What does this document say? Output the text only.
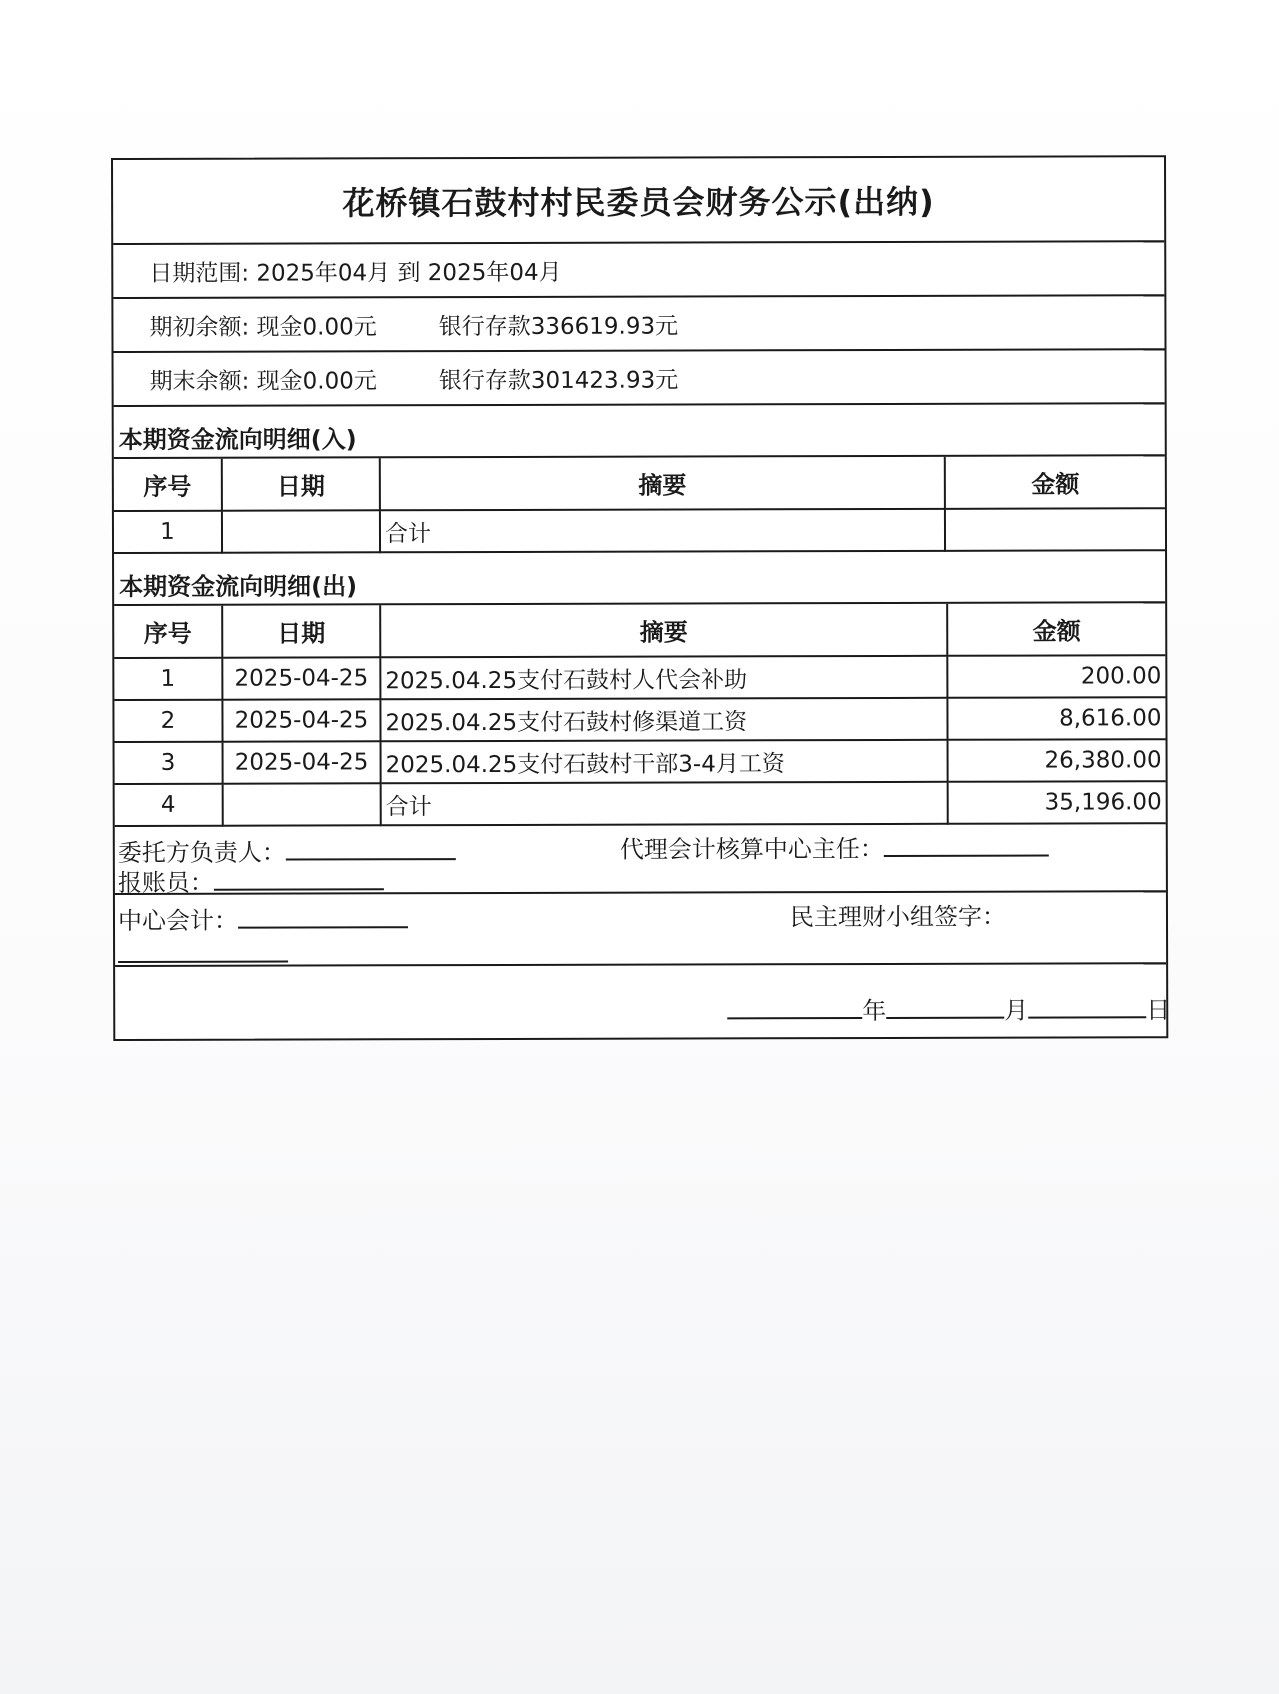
花桥镇石鼓村村民委员会财务公示(出纳)
日期范围: 2025年04月 到 2025年04月
期初余额: 现金0.00元	银行存款336619.93元
期末余额: 现金0.00元	银行存款301423.93元
本期资金流向明细(入)
序号	日期	摘要	金额
1		合计	
本期资金流向明细(出)
序号	日期	摘要	金额
1	2025-04-25	2025.04.25支付石鼓村人代会补助	200.00
2	2025-04-25	2025.04.25支付石鼓村修渠道工资	8,616.00
3	2025-04-25	2025.04.25支付石鼓村干部3-4月工资	26,380.00
4		合计	35,196.00
委托方负责人：	代理会计核算中心主任：
报账员：
中心会计：	民主理财小组签字：
年	月	日
